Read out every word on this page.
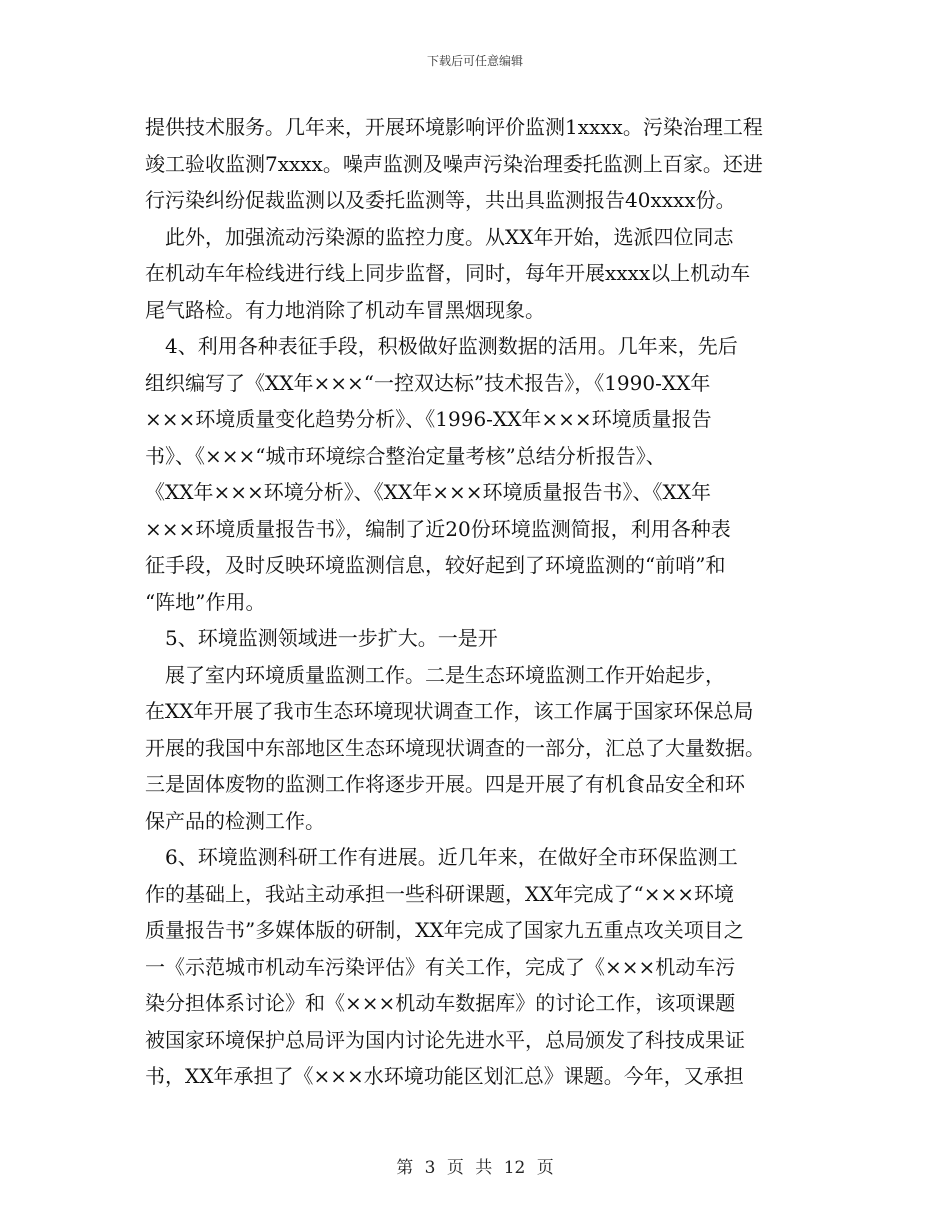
下载后可任意编辑
提供技术服务。几年来，开展环境影响评价监测1xxxx。污染治理工程
竣工验收监测7xxxx。噪声监测及噪声污染治理委托监测上百家。还进
行污染纠纷促裁监测以及委托监测等，共出具监测报告40xxxx份。
　此外，加强流动污染源的监控力度。从XX年开始，选派四位同志
在机动车年检线进行线上同步监督，同时，每年开展xxxx以上机动车
尾气路检。有力地消除了机动车冒黑烟现象。
　4、利用各种表征手段，积极做好监测数据的活用。几年来，先后
组织编写了《XX年×××“一控双达标”技术报告》，《1990-XX年
×××环境质量变化趋势分析》、《1996-XX年×××环境质量报告
书》、《×××“城市环境综合整治定量考核”总结分析报告》、
《XX年×××环境分析》、《XX年×××环境质量报告书》、《XX年
×××环境质量报告书》，编制了近20份环境监测简报，利用各种表
征手段，及时反映环境监测信息，较好起到了环境监测的“前哨”和
“阵地”作用。
　5、环境监测领域进一步扩大。一是开
　展了室内环境质量监测工作。二是生态环境监测工作开始起步，
在XX年开展了我市生态环境现状调查工作，该工作属于国家环保总局
开展的我国中东部地区生态环境现状调查的一部分，汇总了大量数据。
三是固体废物的监测工作将逐步开展。四是开展了有机食品安全和环
保产品的检测工作。
　6、环境监测科研工作有进展。近几年来，在做好全市环保监测工
作的基础上，我站主动承担一些科研课题，XX年完成了“×××环境
质量报告书”多媒体版的研制，XX年完成了国家九五重点攻关项目之
一《示范城市机动车污染评估》有关工作，完成了《×××机动车污
染分担体系讨论》和《×××机动车数据库》的讨论工作，该项课题
被国家环境保护总局评为国内讨论先进水平，总局颁发了科技成果证
书，XX年承担了《×××水环境功能区划汇总》课题。今年，又承担
第 3 页 共 12 页
